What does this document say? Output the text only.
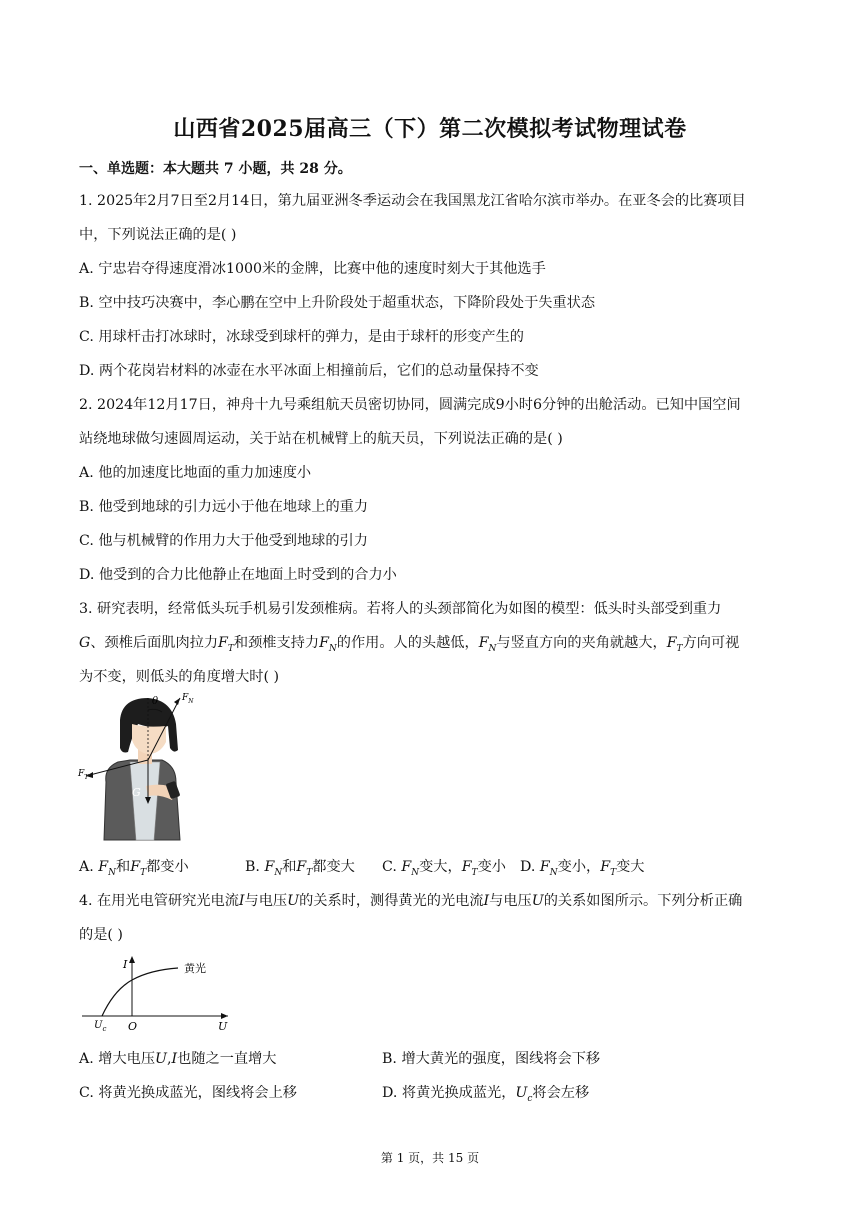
山西省2025届高三（下）第二次模拟考试物理试卷
一、单选题：本大题共 7 小题，共 28 分。
1. 2025年2月7日至2月14日，第九届亚洲冬季运动会在我国黑龙江省哈尔滨市举办。在亚冬会的比赛项目
中，下列说法正确的是( )
A. 宁忠岩夺得速度滑冰1000米的金牌，比赛中他的速度时刻大于其他选手
B. 空中技巧决赛中，李心鹏在空中上升阶段处于超重状态，下降阶段处于失重状态
C. 用球杆击打冰球时，冰球受到球杆的弹力，是由于球杆的形变产生的
D. 两个花岗岩材料的冰壶在水平冰面上相撞前后，它们的总动量保持不变
2. 2024年12月17日，神舟十九号乘组航天员密切协同，圆满完成9小时6分钟的出舱活动。已知中国空间
站绕地球做匀速圆周运动，关于站在机械臂上的航天员，下列说法正确的是( )
A. 他的加速度比地面的重力加速度小
B. 他受到地球的引力远小于他在地球上的重力
C. 他与机械臂的作用力大于他受到地球的引力
D. 他受到的合力比他静止在地面上时受到的合力小
3. 研究表明，经常低头玩手机易引发颈椎病。若将人的头颈部简化为如图的模型：低头时头部受到重力
G、颈椎后面肌肉拉力$F_T$和颈椎支持力$F_N$的作用。人的头越低，$F_N$与竖直方向的夹角就越大，$F_T$方向可视
为不变，则低头的角度增大时( )
θ	$F_N$
$F_T$
G
A. $F_N$和$F_T$都变小	B. $F_N$和$F_T$都变大 C. $F_N$变大，$F_T$变小 D. $F_N$变小，$F_T$变大
4. 在用光电管研究光电流I与电压U的关系时，测得黄光的光电流I与电压U的关系如图所示。下列分析正确
的是( )
I
U
O
$U_c$
黄光
A. 增大电压U,I也随之一直增大	B. 增大黄光的强度，图线将会下移
C. 将黄光换成蓝光，图线将会上移	D. 将黄光换成蓝光，$U_c$将会左移
第 1 页，共 15 页
